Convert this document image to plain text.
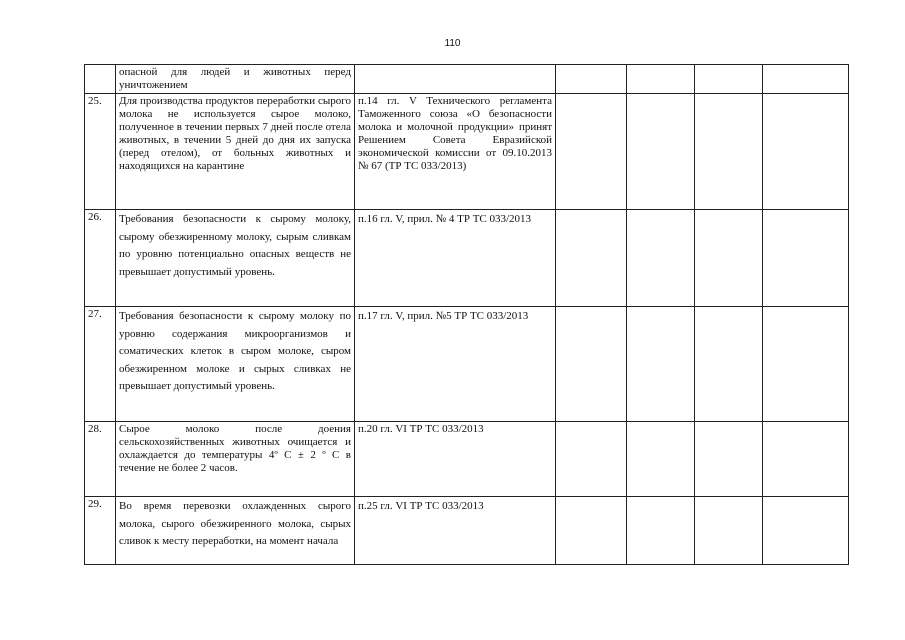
110

	опасной для людей и животных перед уничтожением					

25.	Для производства продуктов переработки сырого молока не используется сырое молоко, полученное в течении первых 7 дней после отела животных, в течении 5 дней до дня их запуска (перед отелом), от больных животных и находящихся на карантине	п.14 гл. V Технического регламента Таможенного союза «О безопасности молока и молочной продукции» принят Решением Совета Евразийской экономической комиссии от 09.10.2013 № 67 (ТР ТС 033/2013)				

26.	Требования безопасности к сырому молоку, сырому обезжиренному молоку, сырым сливкам по уровню потенциально опасных веществ не превышает допустимый уровень.	п.16 гл. V, прил. № 4 ТР ТС 033/2013				

27.	Требования безопасности к сырому молоку по уровню содержания микроорганизмов и соматических клеток в сыром молоке, сыром обезжиренном молоке и сырых сливках не превышает допустимый уровень.	п.17 гл. V, прил. №5 ТР ТС 033/2013				

28.	Сырое молоко после доения сельскохозяйственных животных очищается и охлаждается до температуры 4º С ± 2 º С в течение не более 2 часов.	п.20 гл. VI ТР ТС 033/2013				

29.	Во время перевозки охлажденных сырого молока, сырого обезжиренного молока, сырых сливок к месту переработки, на момент начала	п.25 гл. VI ТР ТС 033/2013				
